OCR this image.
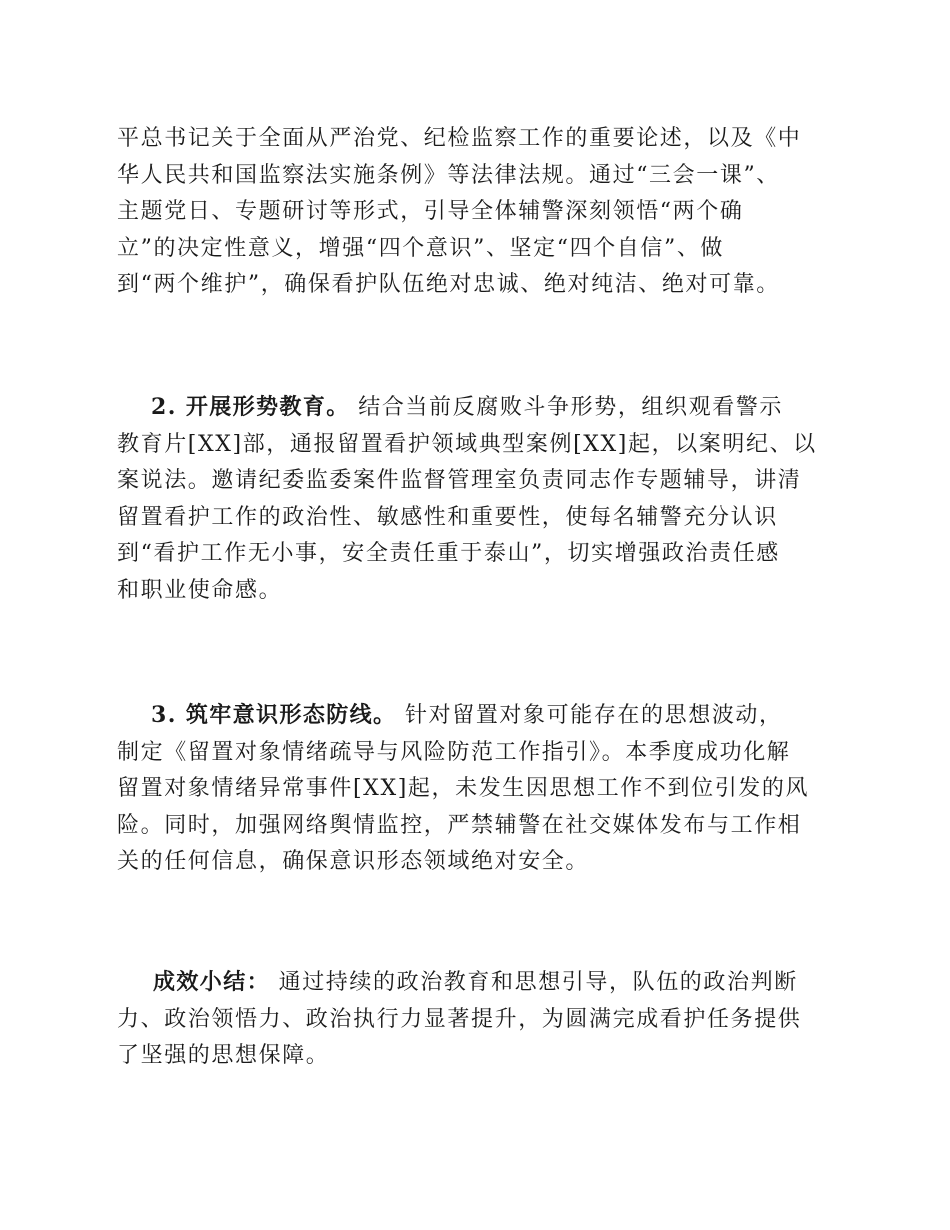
平总书记关于全面从严治党、纪检监察工作的重要论述，以及《中
华人民共和国监察法实施条例》等法律法规。通过“三会一课”、
主题党日、专题研讨等形式，引导全体辅警深刻领悟“两个确
立”的决定性意义，增强“四个意识”、坚定“四个自信”、做
到“两个维护”，确保看护队伍绝对忠诚、绝对纯洁、绝对可靠。
2. 开展形势教育。 结合当前反腐败斗争形势，组织观看警示
教育片[XX]部，通报留置看护领域典型案例[XX]起，以案明纪、以
案说法。邀请纪委监委案件监督管理室负责同志作专题辅导，讲清
留置看护工作的政治性、敏感性和重要性，使每名辅警充分认识
到“看护工作无小事，安全责任重于泰山”，切实增强政治责任感
和职业使命感。
3. 筑牢意识形态防线。 针对留置对象可能存在的思想波动，
制定《留置对象情绪疏导与风险防范工作指引》。本季度成功化解
留置对象情绪异常事件[XX]起，未发生因思想工作不到位引发的风
险。同时，加强网络舆情监控，严禁辅警在社交媒体发布与工作相
关的任何信息，确保意识形态领域绝对安全。
成效小结： 通过持续的政治教育和思想引导，队伍的政治判断
力、政治领悟力、政治执行力显著提升，为圆满完成看护任务提供
了坚强的思想保障。
